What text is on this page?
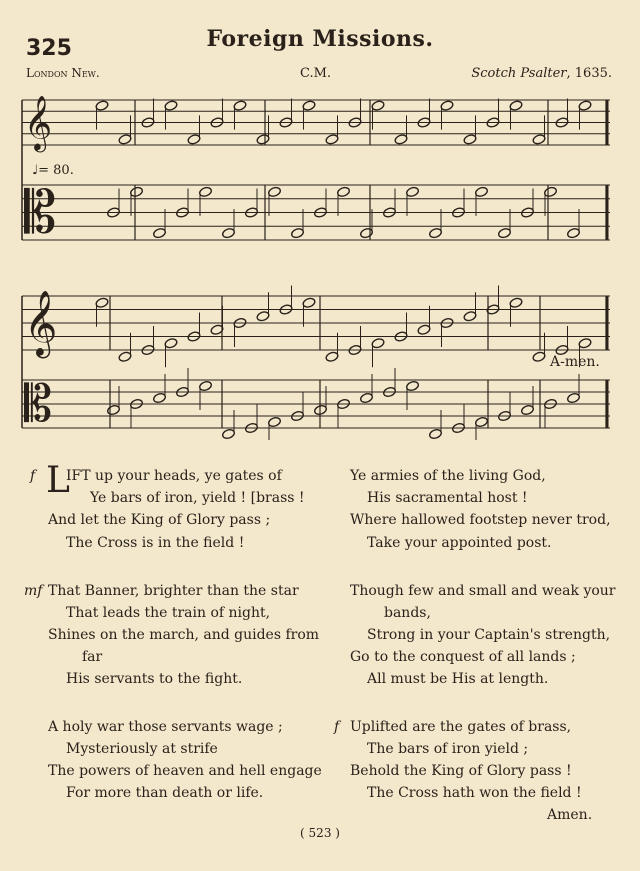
325	Foreign Missions.
London New.	C.M.	Scotch Psalter, 1635.
𝄞
𝄡
𝄞
𝄡
♩= 80.
A-men.
f L
IFT up your heads, ye gates of
Ye bars of iron, yield ! [brass !
And let the King of Glory pass ;
The Cross is in the field !
Ye armies of the living God,
His sacramental host !
Where hallowed footstep never trod,
Take your appointed post.
mf That Banner, brighter than the star
That leads the train of night,
Shines on the march, and guides from
far
His servants to the fight.
Though few and small and weak your
bands,
Strong in your Captain's strength,
Go to the conquest of all lands ;
All must be His at length.
A holy war those servants wage ;
Mysteriously at strife
The powers of heaven and hell engage
For more than death or life.
f Uplifted are the gates of brass,
The bars of iron yield ;
Behold the King of Glory pass !
The Cross hath won the field !
Amen.
( 523 )
